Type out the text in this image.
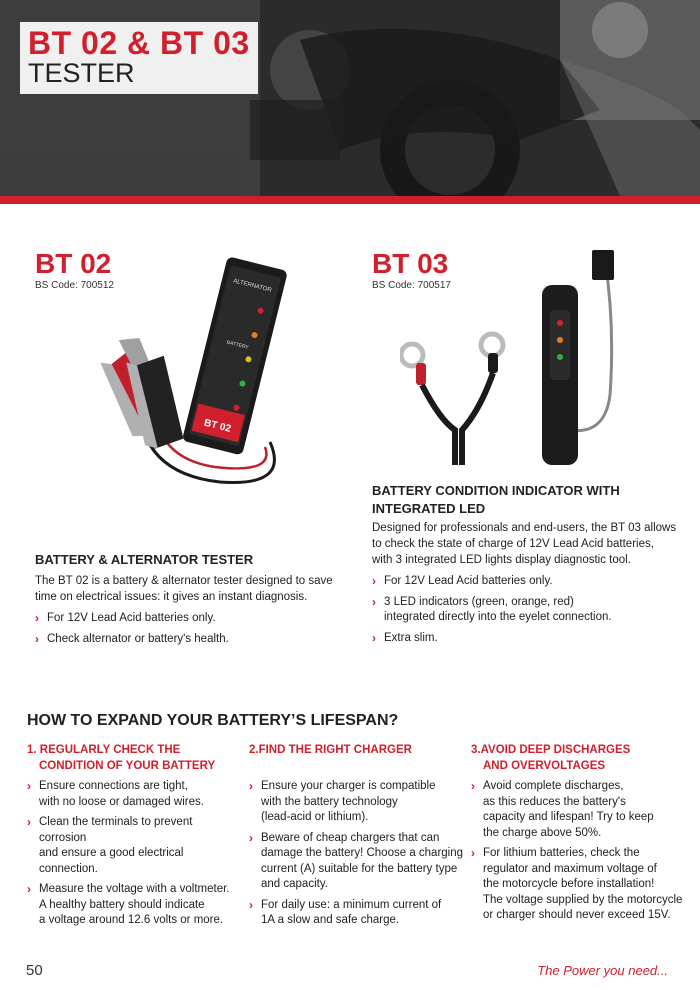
BT 02 & BT 03
TESTER
BT 02
BS Code: 700512	ALTERNATOR
BATTERY
BT 02
BATTERY & ALTERNATOR TESTER
The BT 02 is a battery & alternator tester designed to save
time on electrical issues: it gives an instant diagnosis.
› For 12V Lead Acid batteries only.
› Check alternator or battery's health.
BT 03
BS Code: 700517
BATTERY CONDITION INDICATOR WITH
INTEGRATED LED
Designed for professionals and end-users, the BT 03 allows
to check the state of charge of 12V Lead Acid batteries,
with 3 integrated LED lights display diagnostic tool.
› For 12V Lead Acid batteries only.
› 3 LED indicators (green, orange, red)
integrated directly into the eyelet connection.
› Extra slim.
HOW TO EXPAND YOUR BATTERY’S LIFESPAN?
1. REGULARLY CHECK THE
CONDITION OF YOUR BATTERY
› Ensure connections are tight,
with no loose or damaged wires.
› Clean the terminals to prevent corrosion
and ensure a good electrical connection.
› Measure the voltage with a voltmeter.
A healthy battery should indicate
a voltage around 12.6 volts or more.
2.FIND THE RIGHT CHARGER
› Ensure your charger is compatible
with the battery technology
(lead-acid or lithium).
› Beware of cheap chargers that can
damage the battery! Choose a charging
current (A) suitable for the battery type
and capacity.
› For daily use: a minimum current of
1A a slow and safe charge.
3.AVOID DEEP DISCHARGES
AND OVERVOLTAGES
› Avoid complete discharges,
as this reduces the battery's
capacity and lifespan! Try to keep
the charge above 50%.
› For lithium batteries, check the
regulator and maximum voltage of
the motorcycle before installation!
The voltage supplied by the motorcycle
or charger should never exceed 15V.
50	The Power you need...
